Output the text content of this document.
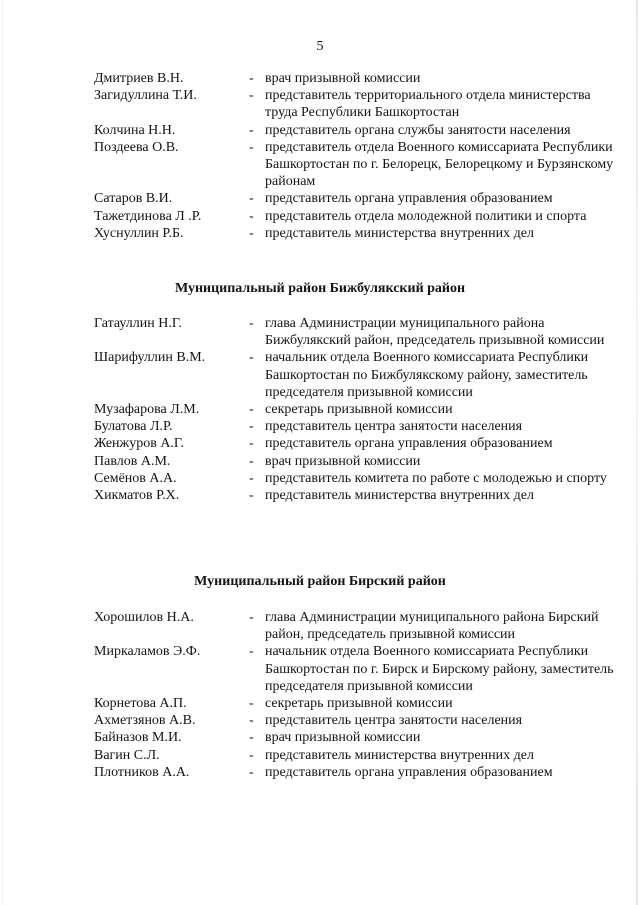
5
Дмитриев В.Н.	- врач призывной комиссии
Загидуллина Т.И.	- представитель территориального отдела министерства труда Республики Башкортостан
Колчина Н.Н.	- представитель органа службы занятости населения
Поздеева О.В.	- представитель отдела Военного комиссариата Республики Башкортостан по г. Белорецк, Белорецкому и Бурзянскому районам
Сатаров В.И.	- представитель органа управления образованием
Тажетдинова Л .Р.	- представитель отдела молодежной политики и спорта
Хуснуллин Р.Б.	- представитель министерства внутренних дел
Муниципальный район Бижбулякский район
Гатауллин Н.Г.	- глава Администрации муниципального района Бижбулякский район, председатель призывной комиссии
Шарифуллин В.М.	- начальник отдела Военного комиссариата Республики Башкортостан по Бижбулякскому району, заместитель председателя призывной комиссии
Музафарова Л.М.	- секретарь призывной комиссии
Булатова Л.Р.	- представитель центра занятости населения
Женжуров А.Г.	- представитель органа управления образованием
Павлов А.М.	- врач призывной комиссии
Семёнов А.А.	- представитель комитета по работе с молодежью и спорту
Хикматов Р.Х.	- представитель министерства внутренних дел
Муниципальный район Бирский район
Хорошилов Н.А.	- глава Администрации муниципального района Бирский район, председатель призывной комиссии
Миркаламов Э.Ф.	- начальник отдела Военного комиссариата Республики Башкортостан по г. Бирск и Бирскому району, заместитель председателя призывной комиссии
Корнетова А.П.	- секретарь призывной комиссии
Ахметзянов А.В.	- представитель центра занятости населения
Байназов М.И.	- врач призывной комиссии
Вагин С.Л.	- представитель министерства внутренних дел
Плотников А.А.	- представитель органа управления образованием
